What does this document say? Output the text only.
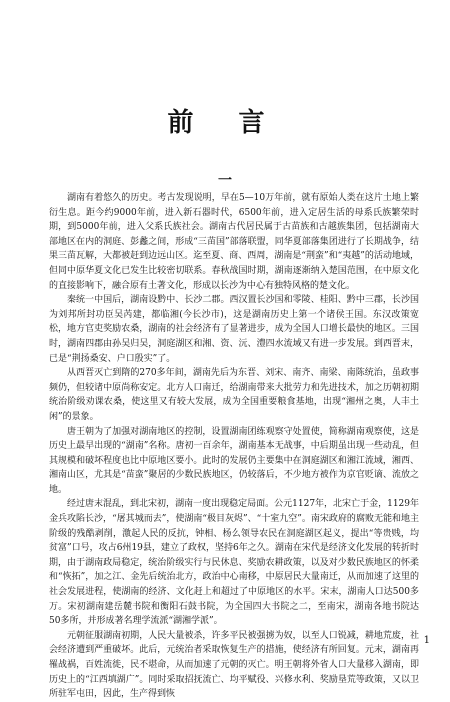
前 言
一

湖南有着悠久的历史。考古发现说明，早在5—10万年前，就有原始人类在这片土地上繁衍生息。距今约9000年前，进入新石器时代，6500年前，进入定居生活的母系氏族繁荣时期，到5000年前，进入父系氏族社会。湖南古代居民属于古苗族和古越族集团，包括湖南大部地区在内的洞庭、彭蠡之间，形成“三苗国”部落联盟，同华夏部落集团进行了长期战争，结果三苗瓦解，大都被赶到边远山区。迄至夏、商、西周，湖南是“荆蛮”和“夷越”的活动地域，但同中原华夏文化已发生比较密切联系。春秋战国时期，湖南逐渐纳入楚国范围，在中原文化的直接影响下，融合原有土著文化，形成以长沙为中心有独特风格的楚文化。

秦统一中国后，湖南设黔中、长沙二郡。西汉置长沙国和零陵、桂阳、黔中三郡，长沙国为刘邦所封功臣吴芮建，都临湘(今长沙市)，这是湖南历史上第一个诸侯王国。东汉改策宽松，地方官吏奖励农桑，湖南的社会经济有了显著进步，成为全国人口增长最快的地区。三国时，湖南四郡由孙吴归吴，洞庭湖区和湘、资、沅、澧四水流域又有进一步发展。到西晋末，已是“荆扬桑安、户口殷实”了。

从西晋灭亡到隋的270多年间，湖南先后为东晋、刘宋、南齐、南梁、南陈统治，虽政事频仍，但较诸中原尚称安定。北方人口南迁，给湖南带来大批劳力和先进技术，加之历朝初期统治阶级劝课农桑，使这里又有较大发展，成为全国重要粮食基地，出现“湘州之奥，人丰土闲”的景象。

唐王朝为了加强对湖南地区的控制，设置湖南团练观察守处置使，简称湖南观察使，这是历史上最早出现的“湖南”名称。唐初一百余年，湖南基本无战事，中后期虽出现一些动乱，但其规模和破坏程度也比中原地区要小。此时的发展仍主要集中在洞庭湖区和湘江流域，湘西、湘南山区，尤其是“苗蛮”聚居的少数民族地区，仍较落后，不少地方被作为京官贬谪、流放之地。

经过唐末混乱，到北宋初，湖南一度出现稳定局面。公元1127年，北宋亡于金，1129年金兵攻陷长沙，“屠其城而去”，使湖南“极目灰烬”、“十室九空”。南宋政府的腐败无能和地主阶级的残酷剥削，激起人民的反抗，钟相、杨么领导农民在洞庭湖区起义，提出“等贵贱，均贫富”口号，攻占6州19县，建立了政权，坚持6年之久。湖南在宋代是经济文化发展的转折时期，由于湖南政局稳定，统治阶级实行与民休息、奖励农耕政策，以及对少数民族地区的怀柔和“恢拓”，加之江、金先后统治北方，政治中心南移，中原居民大量南迁，从而加速了这里的社会发展进程，使湖南的经济、文化赶上和超过了中原地区的水平。宋末，湖南人口达500多万。宋初湖南建岳麓书院和衡阳石鼓书院，为全国四大书院之二，至南宋，湖南各地书院达50多所，并形成著名理学流派“湖湘学派”。

元朝征服湖南初期，人民大量被杀，许多平民被强掳为奴，以至人口锐减，耕地荒废，社会经济遭到严重破坏。此后，元统治者采取恢复生产的措施，使经济有所回复。元末，湖南再罹战祸，百姓流徙，民不堪命，从而加速了元朝的灭亡。明王朝将外省人口大量移入湖南，即历史上的“江西填湖广”。同时采取招抚流亡、均平赋役、兴修水利、奖励垦荒等政策，又以卫所驻军屯田，因此，生产得到恢

1
